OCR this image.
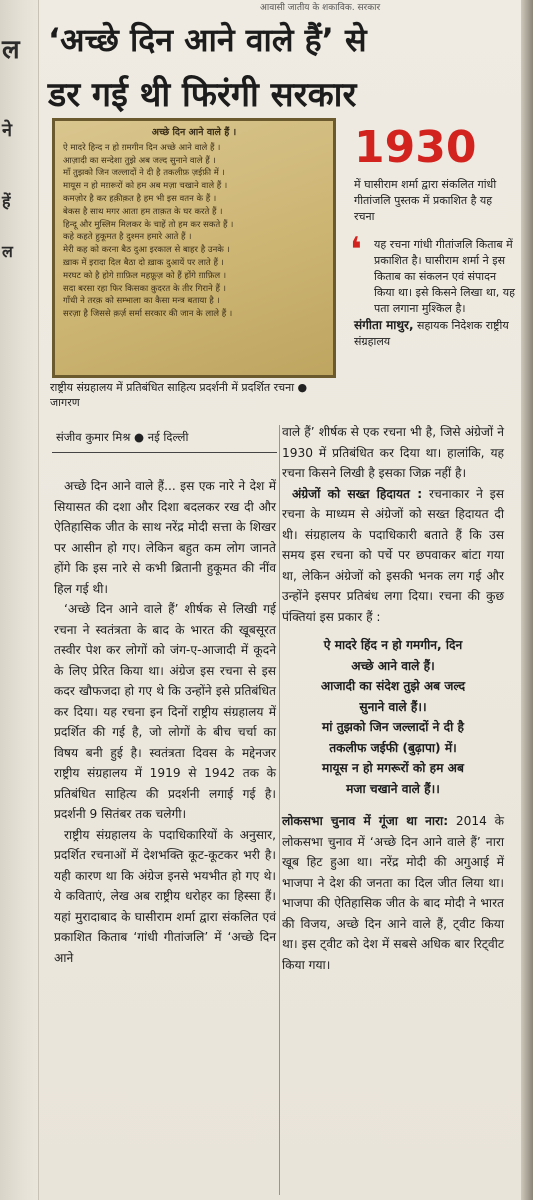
ल
ने
हें
ल
आवासी जातीय के शकाविक, सरकार
‘अच्छे दिन आने वाले हैं’ से
डर गई थी फिरंगी सरकार
अच्छे दिन आने वाले हैं ।
ऐ मादरे हिन्द न हो ग़मगीन दिन अच्छे आने वाले हैं ।
आज़ादी का सन्देशा तुझे अब जल्द सुनाने वाले हैं ।
माँ तुझको जिन जल्लादों ने दी है तकलीफ़ ज़ईफ़ी में ।
मायूस न हो मग़रूरों को हम अब मज़ा चखाने वाले हैं ।
कमज़ोर है कर हक़ीक़त है हम भी इस वतन के हैं ।
बेकस है साथ मगर आता हम ताक़त के घर करते हैं ।
हिन्दू और मुस्लिम मिलकर के चाहें तो हम कर सकते हैं ।
कहे कहते हुकूमत है दुश्मन हमारे आते हैं ।
मेरी कह को करना बैठ दुआ इरकाल से बाहर है उनके ।
ख़ाक में इरादा दिल बैठा दो ख़ाक दुआयें पर लाते हैं ।
मरघट को है होगे ग़ाफ़िल महफ़ूज़ को हैं होंगे ग़ाफ़िल ।
सदा बरसा रहा फिर किसका क़ुदरत के तीर गिराने हैं ।
गाँधी ने तरक़ को सम्भाला का कैसा मन्त्र बताया है ।
सरज़ा है जिससे क़र्ज़ सर्मा सरकार की जान के लाले हैं ।
राष्ट्रीय संग्रहालय में प्रतिबंधित साहित्य प्रदर्शनी में प्रदर्शित रचना ● जागरण
1930
में घासीराम शर्मा द्वारा संकलित गांधी गीतांजलि पुस्तक में प्रकाशित है यह रचना
❛ यह रचना गांधी गीतांजलि किताब में प्रकाशित है। घासीराम शर्मा ने इस किताब का संकलन एवं संपादन किया था। इसे किसने लिखा था, यह पता लगाना मुश्किल है।
संगीता माथुर, सहायक निदेशक राष्ट्रीय संग्रहालय
संजीव कुमार मिश्र ● नई दिल्ली

अच्छे दिन आने वाले हैं... इस एक नारे ने देश में सियासत की दशा और दिशा बदलकर रख दी और ऐतिहासिक जीत के साथ नरेंद्र मोदी सत्ता के शिखर पर आसीन हो गए। लेकिन बहुत कम लोग जानते होंगे कि इस नारे से कभी ब्रितानी हुकूमत की नींव हिल गई थी।

‘अच्छे दिन आने वाले हैं’ शीर्षक से लिखी गई रचना ने स्वतंत्रता के बाद के भारत की खूबसूरत तस्वीर पेश कर लोगों को जंग-ए-आजादी में कूदने के लिए प्रेरित किया था। अंग्रेज इस रचना से इस कदर खौफजदा हो गए थे कि उन्होंने इसे प्रतिबंधित कर दिया। यह रचना इन दिनों राष्ट्रीय संग्रहालय में प्रदर्शित की गई है, जो लोगों के बीच चर्चा का विषय बनी हुई है। स्वतंत्रता दिवस के मद्देनजर राष्ट्रीय संग्रहालय में 1919 से 1942 तक के प्रतिबंधित साहित्य की प्रदर्शनी लगाई गई है। प्रदर्शनी 9 सितंबर तक चलेगी।

राष्ट्रीय संग्रहालय के पदाधिकारियों के अनुसार, प्रदर्शित रचनाओं में देशभक्ति कूट-कूटकर भरी है। यही कारण था कि अंग्रेज इनसे भयभीत हो गए थे। ये कविताएं, लेख अब राष्ट्रीय धरोहर का हिस्सा हैं। यहां मुरादाबाद के घासीराम शर्मा द्वारा संकलित एवं प्रकाशित किताब ‘गांधी गीतांजलि’ में ‘अच्छे दिन आने

वाले हैं’ शीर्षक से एक रचना भी है, जिसे अंग्रेजों ने 1930 में प्रतिबंधित कर दिया था। हालांकि, यह रचना किसने लिखी है इसका जिक्र नहीं है।

अंग्रेजों को सख्त हिदायत : रचनाकार ने इस रचना के माध्यम से अंग्रेजों को सख्त हिदायत दी थी। संग्रहालय के पदाधिकारी बताते हैं कि उस समय इस रचना को पर्चे पर छपवाकर बांटा गया था, लेकिन अंग्रेजों को इसकी भनक लग गई और उन्होंने इसपर प्रतिबंध लगा दिया। रचना की कुछ पंक्तियां इस प्रकार हैं :

ऐ मादरे हिंद न हो गमगीन, दिन
अच्छे आने वाले हैं।
आजादी का संदेश तुझे अब जल्द
सुनाने वाले हैं।।
मां तुझको जिन जल्लादों ने दी है
तकलीफ जईफी (बुढ़ापा) में।
मायूस न हो मगरूरों को हम अब
मजा चखाने वाले हैं।।

लोकसभा चुनाव में गूंजा था नारा: 2014 के लोकसभा चुनाव में ‘अच्छे दिन आने वाले हैं’ नारा खूब हिट हुआ था। नरेंद्र मोदी की अगुआई में भाजपा ने देश की जनता का दिल जीत लिया था। भाजपा की ऐतिहासिक जीत के बाद मोदी ने भारत की विजय, अच्छे दिन आने वाले हैं, ट्वीट किया था। इस ट्वीट को देश में सबसे अधिक बार रिट्वीट किया गया।
